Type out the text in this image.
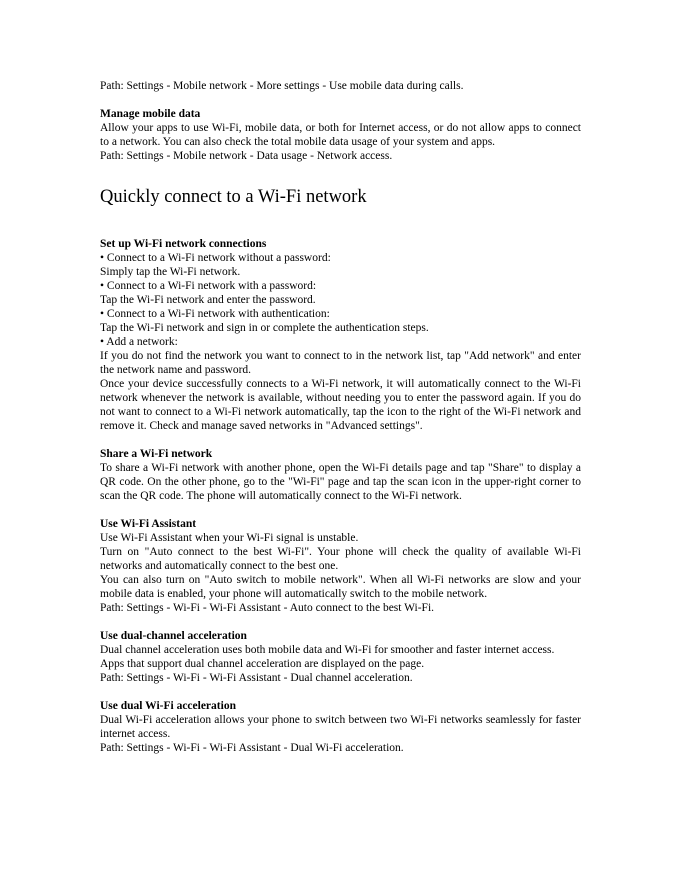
Path: Settings - Mobile network - More settings - Use mobile data during calls.

Manage mobile data

Allow your apps to use Wi-Fi, mobile data, or both for Internet access, or do not allow apps to connect to a network. You can also check the total mobile data usage of your system and apps.

Path: Settings - Mobile network - Data usage - Network access.

Quickly connect to a Wi-Fi network

Set up Wi-Fi network connections

• Connect to a Wi-Fi network without a password:

Simply tap the Wi-Fi network.

• Connect to a Wi-Fi network with a password:

Tap the Wi-Fi network and enter the password.

• Connect to a Wi-Fi network with authentication:

Tap the Wi-Fi network and sign in or complete the authentication steps.

• Add a network:

If you do not find the network you want to connect to in the network list, tap "Add network" and enter the network name and password.

Once your device successfully connects to a Wi-Fi network, it will automatically connect to the Wi-Fi network whenever the network is available, without needing you to enter the password again. If you do not want to connect to a Wi-Fi network automatically, tap the icon to the right of the Wi-Fi network and remove it. Check and manage saved networks in "Advanced settings".

Share a Wi-Fi network

To share a Wi-Fi network with another phone, open the Wi-Fi details page and tap "Share" to display a QR code. On the other phone, go to the "Wi-Fi" page and tap the scan icon in the upper-right corner to scan the QR code. The phone will automatically connect to the Wi-Fi network.

Use Wi-Fi Assistant

Use Wi-Fi Assistant when your Wi-Fi signal is unstable.

Turn on "Auto connect to the best Wi-Fi". Your phone will check the quality of available Wi-Fi networks and automatically connect to the best one.

You can also turn on "Auto switch to mobile network". When all Wi-Fi networks are slow and your mobile data is enabled, your phone will automatically switch to the mobile network.

Path: Settings - Wi-Fi - Wi-Fi Assistant - Auto connect to the best Wi-Fi.

Use dual-channel acceleration

Dual channel acceleration uses both mobile data and Wi-Fi for smoother and faster internet access.

Apps that support dual channel acceleration are displayed on the page.

Path: Settings - Wi-Fi - Wi-Fi Assistant - Dual channel acceleration.

Use dual Wi-Fi acceleration

Dual Wi-Fi acceleration allows your phone to switch between two Wi-Fi networks seamlessly for faster internet access.

Path: Settings - Wi-Fi - Wi-Fi Assistant - Dual Wi-Fi acceleration.
